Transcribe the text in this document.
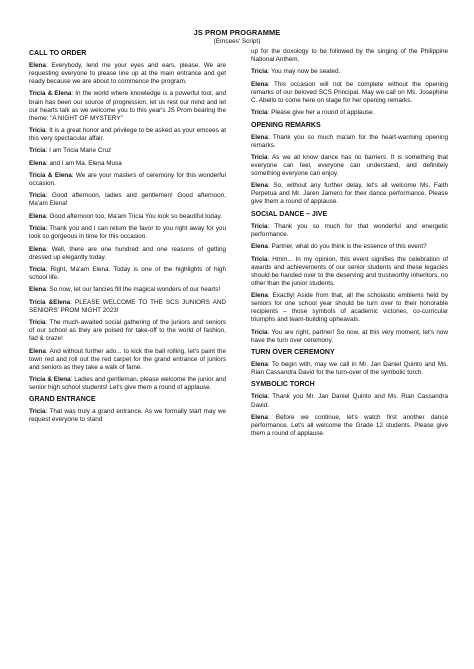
JS PROM PROGRAMME
(Emcees' Script)
CALL TO ORDER
Elena: Everybody, lend me your eyes and ears, please. We are requesting everyone to please line up at the main entrance and get ready because we are about to commence the program.
Tricia & Elena: In the world where knowledge is a powerful tool, and brain has been our source of progression, let us rest our mind and let our hearts talk as we welcome you to this year's JS Prom bearing the theme: "A NIGHT OF MYSTERY"
Tricia: It is a great honor and privilege to be asked as your emcees at this very spectacular affair.
Tricia: I am Tricia Marie Cruz
Elena: and I am Ma. Elena Musa
Tricia & Elena: We are your masters of ceremony for this wonderful occasion.
Tricia: Good afternoon, ladies and gentlemen! Good afternoon, Ma'am Elena!
Elena: Good afternoon too, Ma'am Tricia You look so beautiful today.
Tricia: Thank you and I can return the favor to you right away for you look so gorgeous in time for this occasion.
Elena: Well, there are one hundred and one reasons of getting dressed up elegantly today.
Tricia: Right, Ma'am Elena. Today is one of the highlights of high school life.
Elena: So now, let our fancies fill the magical wonders of our hearts!
Tricia &Elena: PLEASE WELCOME TO THE SCS JUNIORS AND SENIORS' PROM NIGHT 2023!
Tricia: The much-awaited social gathering of the juniors and seniors of our school as they are poised for take-off to the world of fashion, fad & craze!
Elena: And without further ado... to kick the ball rolling, let's paint the town red and roll out the red carpet for the grand entrance of juniors and seniors as they take a walk of fame.
Tricia & Elena: Ladies and gentleman, please welcome the junior and senior high school students! Let's give them a round of applause.
GRAND ENTRANCE
Tricia: That was truly a grand entrance. As we formally start may we request everyone to stand
up for the doxology to be followed by the singing of the Philippine National Anthem.
Tricia: You may now be seated.
Elena: This occasion will not be complete without the opening remarks of our beloved SCS Principal. May we call on Ms. Josephine C. Abello to come here on stage for her opening remarks.
Tricia: Please give her a round of applause.
OPENING REMARKS
Elena: Thank you so much ma'am for the heart-warming opening remarks.
Tricia: As we all know dance has no barriers. It is something that everyone can feel, everyone can understand, and definitely something everyone can enjoy.
Elena: So, without any further delay, let's all welcome Ms. Faith Perpetua and Mr. Jaren Jamero for their dance performance. Please give them a round of applause.
SOCIAL DANCE – JIVE
Tricia: Thank you so much for that wonderful and energetic performance.
Elena: Partner, what do you think is the essence of this event?
Tricia: Hmm... In my opinion, this event signifies the celebration of awards and achievements of our senior students and these legacies should be handed over to the deserving and trustworthy inheritors, no other than the junior students.
Elena: Exactly! Aside from that, all the scholastic emblems held by seniors for one school year should be turn over to their honorable recipients – those symbols of academic victories, co-curricular triumphs and team-building upheavals.
Tricia: You are right, partner! So now, at this very moment, let's now have the turn over ceremony.
TURN OVER CEREMONY
Elena: To begin with, may we call in Mr. Jan Daniel Quinto and Ms. Rian Cassandra David for the turn-over of the symbolic torch.
SYMBOLIC TORCH
Tricia: Thank you Mr. Jan Daniel Quinto and Ms. Rian Cassandra David.
Elena: Before we continue, let's watch first another dance performance. Let's all welcome the Grade 12 students. Please give them a round of applause.
